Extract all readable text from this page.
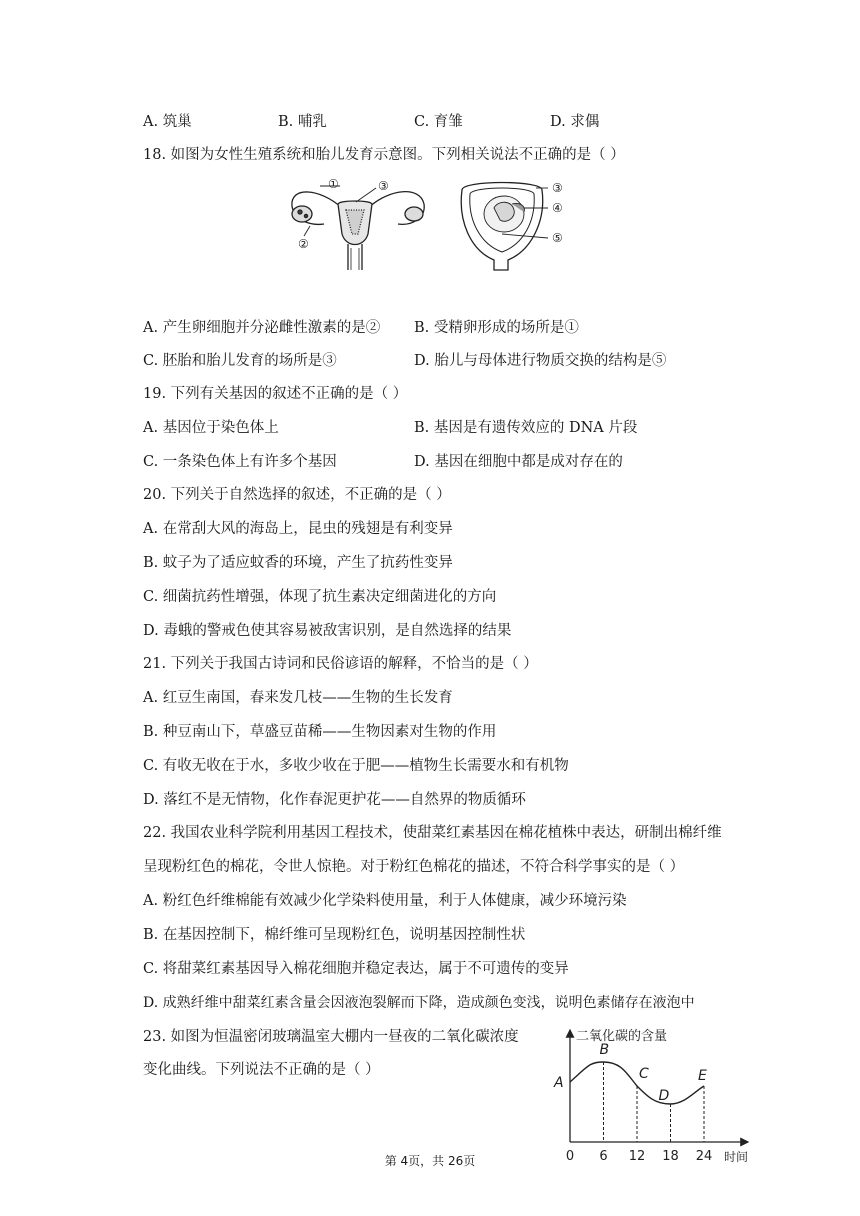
A. 筑巢	B. 哺乳	C. 育雏	D. 求偶
18. 如图为女性生殖系统和胎儿发育示意图。下列相关说法不正确的是（ ）
①	③
②
③
④
⑤
A. 产生卵细胞并分泌雌性激素的是② B. 受精卵形成的场所是①
C. 胚胎和胎儿发育的场所是③	D. 胎儿与母体进行物质交换的结构是⑤
19. 下列有关基因的叙述不正确的是（ ）
A. 基因位于染色体上	B. 基因是有遗传效应的 DNA 片段
C. 一条染色体上有许多个基因	D. 基因在细胞中都是成对存在的
20. 下列关于自然选择的叙述，不正确的是（ ）
A. 在常刮大风的海岛上，昆虫的残翅是有利变异
B. 蚊子为了适应蚊香的环境，产生了抗药性变异
C. 细菌抗药性增强，体现了抗生素决定细菌进化的方向
D. 毒蛾的警戒色使其容易被敌害识别，是自然选择的结果
21. 下列关于我国古诗词和民俗谚语的解释，不恰当的是（ ）
A. 红豆生南国，春来发几枝——生物的生长发育
B. 种豆南山下，草盛豆苗稀——生物因素对生物的作用
C. 有收无收在于水，多收少收在于肥——植物生长需要水和有机物
D. 落红不是无情物，化作春泥更护花——自然界的物质循环
22. 我国农业科学院利用基因工程技术，使甜菜红素基因在棉花植株中表达，研制出棉纤维
呈现粉红色的棉花，令世人惊艳。对于粉红色棉花的描述，不符合科学事实的是（ ）
A. 粉红色纤维棉能有效减少化学染料使用量，利于人体健康，减少环境污染
B. 在基因控制下，棉纤维可呈现粉红色，说明基因控制性状
C. 将甜菜红素基因导入棉花细胞并稳定表达，属于不可遗传的变异
D. 成熟纤维中甜菜红素含量会因液泡裂解而下降，造成颜色变浅，说明色素储存在液泡中
23. 如图为恒温密闭玻璃温室大棚内一昼夜的二氧化碳浓度
变化曲线。下列说法不正确的是（ ）
二氧化碳的含量
时间
A
B
C
D
E
0 6 12 18 24
第 4页，共 26页
